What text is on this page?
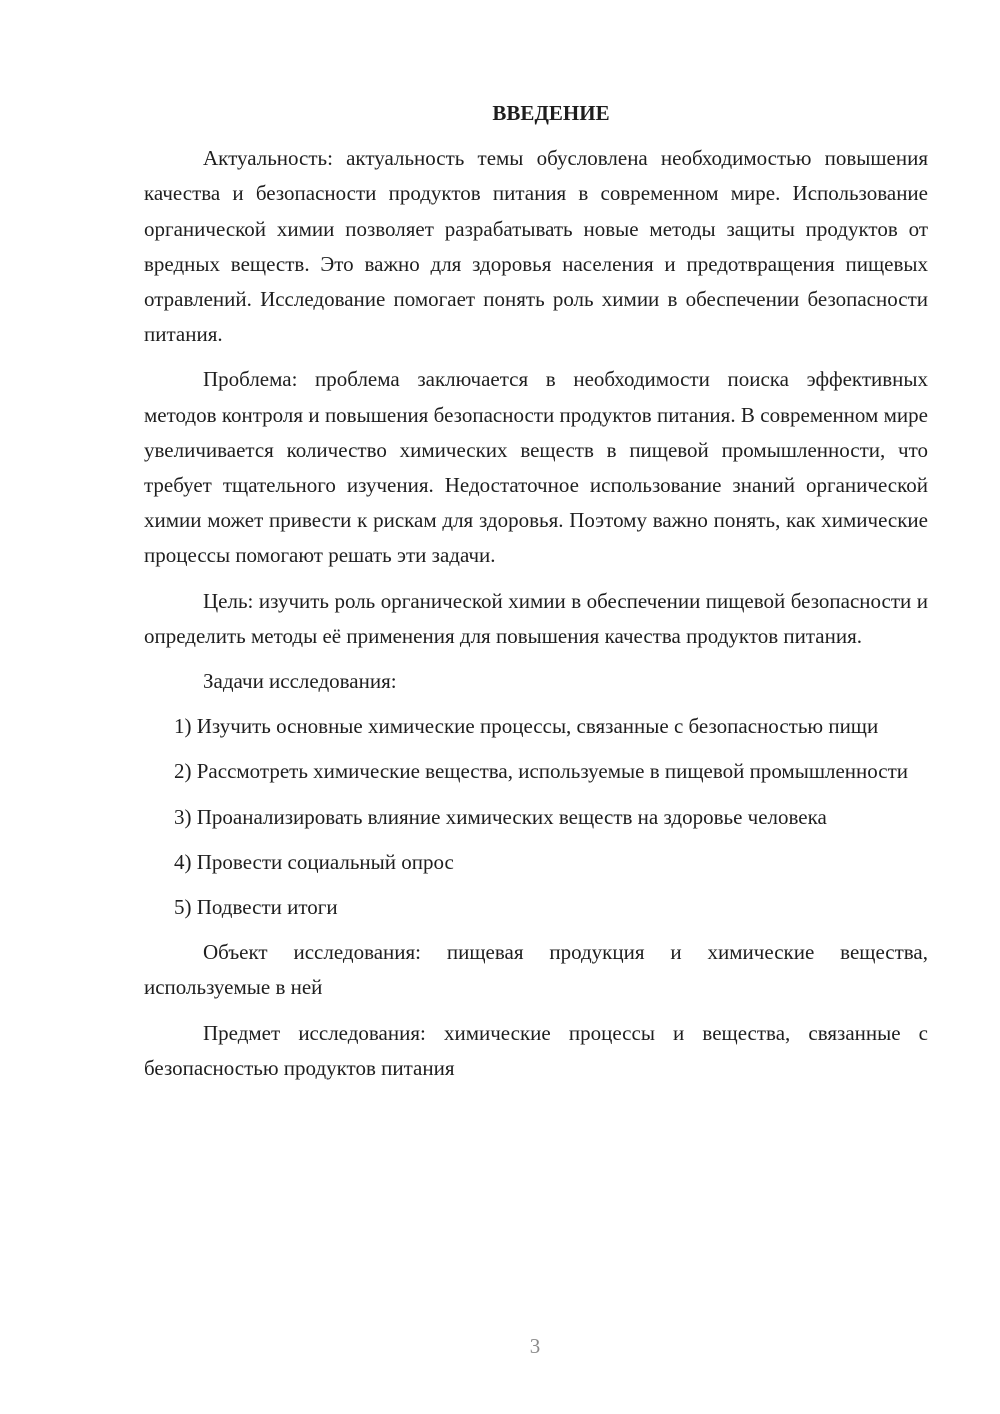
ВВЕДЕНИЕ

Актуальность: актуальность темы обусловлена необходимостью повышения качества и безопасности продуктов питания в современном мире. Использование органической химии позволяет разрабатывать новые методы защиты продуктов от вредных веществ. Это важно для здоровья населения и предотвращения пищевых отравлений. Исследование помогает понять роль химии в обеспечении безопасности питания.

Проблема: проблема заключается в необходимости поиска эффективных методов контроля и повышения безопасности продуктов питания. В современном мире увеличивается количество химических веществ в пищевой промышленности, что требует тщательного изучения. Недостаточное использование знаний органической химии может привести к рискам для здоровья. Поэтому важно понять, как химические процессы помогают решать эти задачи.

Цель: изучить роль органической химии в обеспечении пищевой безопасности и определить методы её применения для повышения качества продуктов питания.

Задачи исследования:

1) Изучить основные химические процессы, связанные с безопасностью пищи

2) Рассмотреть химические вещества, используемые в пищевой промышленности

3) Проанализировать влияние химических веществ на здоровье человека

4) Провести социальный опрос

5) Подвести итоги

Объект исследования: пищевая продукция и химические вещества, используемые в ней

Предмет исследования: химические процессы и вещества, связанные с безопасностью продуктов питания

3
